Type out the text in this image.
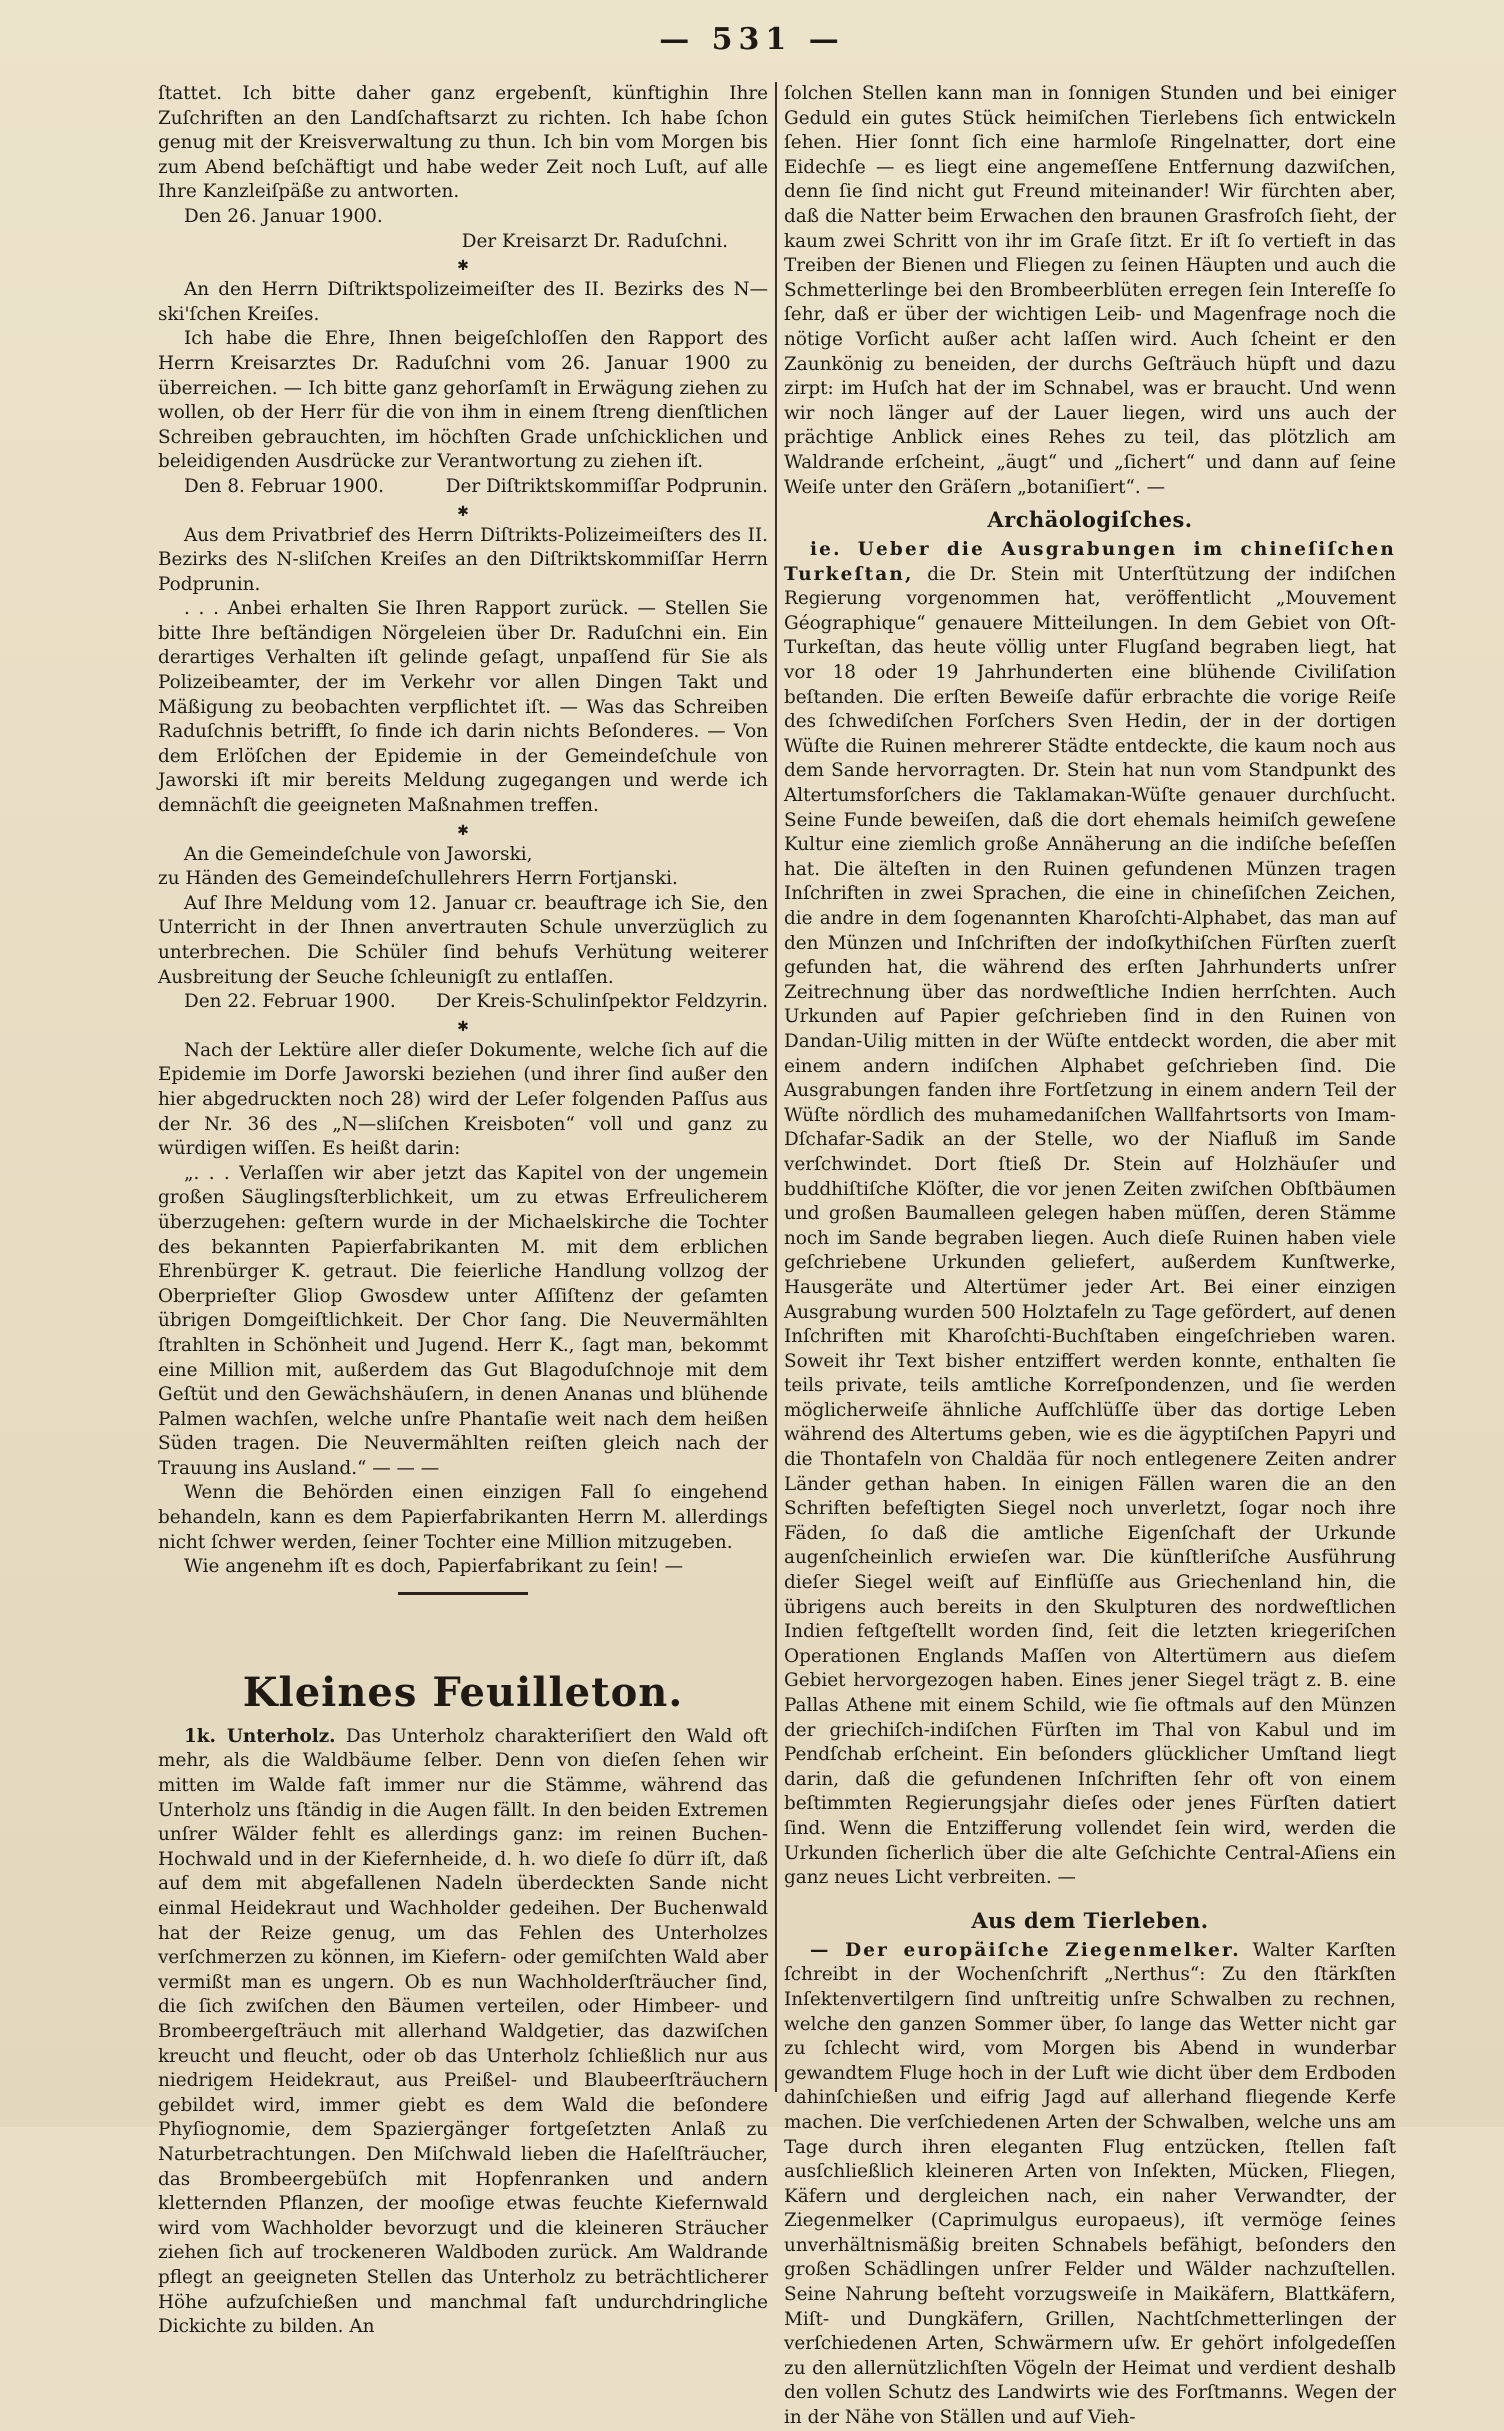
— 531 —

ſtattet. Ich bitte daher ganz ergebenſt, künftighin Ihre Zuſchriften an den Landſchaftsarzt zu richten. Ich habe ſchon genug mit der Kreisverwaltung zu thun. Ich bin vom Morgen bis zum Abend beſchäftigt und habe weder Zeit noch Luſt, auf alle Ihre Kanzleiſpäße zu antworten.

Den 26. Januar 1900.

Der Kreisarzt Dr. Raduſchni.

✱

An den Herrn Diſtriktspolizeimeiſter des II. Bezirks des N—ski'ſchen Kreiſes.

Ich habe die Ehre, Ihnen beigeſchloſſen den Rapport des Herrn Kreisarztes Dr. Raduſchni vom 26. Januar 1900 zu überreichen. — Ich bitte ganz gehorſamſt in Erwägung ziehen zu wollen, ob der Herr für die von ihm in einem ſtreng dienſtlichen Schreiben gebrauchten, im höchſten Grade unſchicklichen und beleidigenden Ausdrücke zur Verantwortung zu ziehen iſt.

Den 8. Februar 1900.	Der Diſtriktskommiſſar Podprunin.
✱

Aus dem Privatbrief des Herrn Diſtrikts-Polizeimeiſters des II. Bezirks des N-sliſchen Kreiſes an den Diſtriktskommiſſar Herrn Podprunin.

. . . Anbei erhalten Sie Ihren Rapport zurück. — Stellen Sie bitte Ihre beſtändigen Nörgeleien über Dr. Raduſchni ein. Ein derartiges Verhalten iſt gelinde geſagt, unpaſſend für Sie als Polizeibeamter, der im Verkehr vor allen Dingen Takt und Mäßigung zu beobachten verpflichtet iſt. — Was das Schreiben Raduſchnis betrifft, ſo finde ich darin nichts Beſonderes. — Von dem Erlöſchen der Epidemie in der Gemeindeſchule von Jaworski iſt mir bereits Meldung zugegangen und werde ich demnächſt die geeigneten Maßnahmen treffen.

✱

An die Gemeindeſchule von Jaworski,

zu Händen des Gemeindeſchullehrers Herrn Fortjanski.

Auf Ihre Meldung vom 12. Januar cr. beauftrage ich Sie, den Unterricht in der Ihnen anvertrauten Schule unverzüglich zu unterbrechen. Die Schüler ſind behufs Verhütung weiterer Ausbreitung der Seuche ſchleunigſt zu entlaſſen.

Den 22. Februar 1900.	Der Kreis-Schulinſpektor Feldzyrin.
✱

Nach der Lektüre aller dieſer Dokumente, welche ſich auf die Epidemie im Dorfe Jaworski beziehen (und ihrer ſind außer den hier abgedruckten noch 28) wird der Leſer folgenden Paſſus aus der Nr. 36 des „N—sliſchen Kreisboten“ voll und ganz zu würdigen wiſſen. Es heißt darin:

„. . . Verlaſſen wir aber jetzt das Kapitel von der ungemein großen Säuglingsſterblichkeit, um zu etwas Erfreulicherem überzugehen: geſtern wurde in der Michaelskirche die Tochter des bekannten Papierfabrikanten M. mit dem erblichen Ehrenbürger K. getraut. Die feierliche Handlung vollzog der Oberprieſter Gliop Gwosdew unter Aſſiſtenz der geſamten übrigen Domgeiſtlichkeit. Der Chor ſang. Die Neuvermählten ſtrahlten in Schönheit und Jugend. Herr K., ſagt man, bekommt eine Million mit, außerdem das Gut Blagoduſchnoje mit dem Geſtüt und den Gewächshäuſern, in denen Ananas und blühende Palmen wachſen, welche unſre Phantaſie weit nach dem heißen Süden tragen. Die Neuvermählten reiſten gleich nach der Trauung ins Ausland.“ — — —

Wenn die Behörden einen einzigen Fall ſo eingehend behandeln, kann es dem Papierfabrikanten Herrn M. allerdings nicht ſchwer werden, ſeiner Tochter eine Million mitzugeben.

Wie angenehm iſt es doch, Papierfabrikant zu ſein! —

Kleines Feuilleton.

1k. Unterholz. Das Unterholz charakteriſiert den Wald oft mehr, als die Waldbäume ſelber. Denn von dieſen ſehen wir mitten im Walde faſt immer nur die Stämme, während das Unterholz uns ſtändig in die Augen fällt. In den beiden Extremen unſrer Wälder fehlt es allerdings ganz: im reinen Buchen-Hochwald und in der Kiefernheide, d. h. wo dieſe ſo dürr iſt, daß auf dem mit abgefallenen Nadeln überdeckten Sande nicht einmal Heidekraut und Wachholder gedeihen. Der Buchenwald hat der Reize genug, um das Fehlen des Unterholzes verſchmerzen zu können, im Kiefern- oder gemiſchten Wald aber vermißt man es ungern. Ob es nun Wachholderſträucher ſind, die ſich zwiſchen den Bäumen verteilen, oder Himbeer- und Brombeergeſträuch mit allerhand Waldgetier, das dazwiſchen kreucht und fleucht, oder ob das Unterholz ſchließlich nur aus niedrigem Heidekraut, aus Preißel- und Blaubeerſträuchern gebildet wird, immer giebt es dem Wald die beſondere Phyſiognomie, dem Spaziergänger fortgeſetzten Anlaß zu Naturbetrachtungen. Den Miſchwald lieben die Haſelſträucher, das Brombeergebüſch mit Hopfenranken und andern kletternden Pflanzen, der mooſige etwas feuchte Kiefernwald wird vom Wachholder bevorzugt und die kleineren Sträucher ziehen ſich auf trockeneren Waldboden zurück. Am Waldrande pflegt an geeigneten Stellen das Unterholz zu beträchtlicherer Höhe aufzuſchießen und manchmal faſt undurchdringliche Dickichte zu bilden. An

ſolchen Stellen kann man in ſonnigen Stunden und bei einiger Geduld ein gutes Stück heimiſchen Tierlebens ſich entwickeln ſehen. Hier ſonnt ſich eine harmloſe Ringelnatter, dort eine Eidechſe — es liegt eine angemeſſene Entfernung dazwiſchen, denn ſie ſind nicht gut Freund miteinander! Wir fürchten aber, daß die Natter beim Erwachen den braunen Grasfroſch ſieht, der kaum zwei Schritt von ihr im Graſe ſitzt. Er iſt ſo vertieft in das Treiben der Bienen und Fliegen zu ſeinen Häupten und auch die Schmetterlinge bei den Brombeerblüten erregen ſein Intereſſe ſo ſehr, daß er über der wichtigen Leib- und Magenfrage noch die nötige Vorſicht außer acht laſſen wird. Auch ſcheint er den Zaunkönig zu beneiden, der durchs Geſträuch hüpft und dazu zirpt: im Huſch hat der im Schnabel, was er braucht. Und wenn wir noch länger auf der Lauer liegen, wird uns auch der prächtige Anblick eines Rehes zu teil, das plötzlich am Waldrande erſcheint, „äugt“ und „ſichert“ und dann auf ſeine Weiſe unter den Gräſern „botaniſiert“. —

Archäologiſches.

ie. Ueber die Ausgrabungen im chineſiſchen Turkeſtan, die Dr. Stein mit Unterſtützung der indiſchen Regierung vorgenommen hat, veröffentlicht „Mouvement Géographique“ genauere Mitteilungen. In dem Gebiet von Oſt-Turkeſtan, das heute völlig unter Flugſand begraben liegt, hat vor 18 oder 19 Jahrhunderten eine blühende Civiliſation beſtanden. Die erſten Beweiſe dafür erbrachte die vorige Reiſe des ſchwediſchen Forſchers Sven Hedin, der in der dortigen Wüſte die Ruinen mehrerer Städte entdeckte, die kaum noch aus dem Sande hervorragten. Dr. Stein hat nun vom Standpunkt des Altertumsforſchers die Taklamakan-Wüſte genauer durchſucht. Seine Funde beweiſen, daß die dort ehemals heimiſch geweſene Kultur eine ziemlich große Annäherung an die indiſche beſeſſen hat. Die älteſten in den Ruinen gefundenen Münzen tragen Inſchriften in zwei Sprachen, die eine in chineſiſchen Zeichen, die andre in dem ſogenannten Kharoſchti-Alphabet, das man auf den Münzen und Inſchriften der indoſkythiſchen Fürſten zuerſt gefunden hat, die während des erſten Jahrhunderts unſrer Zeitrechnung über das nordweſtliche Indien herrſchten. Auch Urkunden auf Papier geſchrieben ſind in den Ruinen von Dandan-Uilig mitten in der Wüſte entdeckt worden, die aber mit einem andern indiſchen Alphabet geſchrieben ſind. Die Ausgrabungen fanden ihre Fortſetzung in einem andern Teil der Wüſte nördlich des muhamedaniſchen Wallfahrtsorts von Imam-Dſchafar-Sadik an der Stelle, wo der Niafluß im Sande verſchwindet. Dort ſtieß Dr. Stein auf Holzhäuſer und buddhiſtiſche Klöſter, die vor jenen Zeiten zwiſchen Obſtbäumen und großen Baumalleen gelegen haben müſſen, deren Stämme noch im Sande begraben liegen. Auch dieſe Ruinen haben viele geſchriebene Urkunden geliefert, außerdem Kunſtwerke, Hausgeräte und Altertümer jeder Art. Bei einer einzigen Ausgrabung wurden 500 Holztafeln zu Tage gefördert, auf denen Inſchriften mit Kharoſchti-Buchſtaben eingeſchrieben waren. Soweit ihr Text bisher entziffert werden konnte, enthalten ſie teils private, teils amtliche Korreſpondenzen, und ſie werden möglicherweiſe ähnliche Aufſchlüſſe über das dortige Leben während des Altertums geben, wie es die ägyptiſchen Papyri und die Thontafeln von Chaldäa für noch entlegenere Zeiten andrer Länder gethan haben. In einigen Fällen waren die an den Schriften befeſtigten Siegel noch unverletzt, ſogar noch ihre Fäden, ſo daß die amtliche Eigenſchaft der Urkunde augenſcheinlich erwieſen war. Die künſtleriſche Ausführung dieſer Siegel weiſt auf Einflüſſe aus Griechenland hin, die übrigens auch bereits in den Skulpturen des nordweſtlichen Indien feſtgeſtellt worden ſind, ſeit die letzten kriegeriſchen Operationen Englands Maſſen von Altertümern aus dieſem Gebiet hervorgezogen haben. Eines jener Siegel trägt z. B. eine Pallas Athene mit einem Schild, wie ſie oftmals auf den Münzen der griechiſch-indiſchen Fürſten im Thal von Kabul und im Pendſchab erſcheint. Ein beſonders glücklicher Umſtand liegt darin, daß die gefundenen Inſchriften ſehr oft von einem beſtimmten Regierungsjahr dieſes oder jenes Fürſten datiert ſind. Wenn die Entzifferung vollendet ſein wird, werden die Urkunden ſicherlich über die alte Geſchichte Central-Aſiens ein ganz neues Licht verbreiten. —

Aus dem Tierleben.

— Der europäiſche Ziegenmelker. Walter Karſten ſchreibt in der Wochenſchrift „Nerthus“: Zu den ſtärkſten Inſektenvertilgern ſind unſtreitig unſre Schwalben zu rechnen, welche den ganzen Sommer über, ſo lange das Wetter nicht gar zu ſchlecht wird, vom Morgen bis Abend in wunderbar gewandtem Fluge hoch in der Luft wie dicht über dem Erdboden dahinſchießen und eifrig Jagd auf allerhand fliegende Kerfe machen. Die verſchiedenen Arten der Schwalben, welche uns am Tage durch ihren eleganten Flug entzücken, ſtellen faſt ausſchließlich kleineren Arten von Inſekten, Mücken, Fliegen, Käfern und dergleichen nach, ein naher Verwandter, der Ziegenmelker (Caprimulgus europaeus), iſt vermöge ſeines unverhältnismäßig breiten Schnabels befähigt, beſonders den großen Schädlingen unſrer Felder und Wälder nachzuſtellen. Seine Nahrung beſteht vorzugsweiſe in Maikäfern, Blattkäfern, Miſt- und Dungkäfern, Grillen, Nachtſchmetterlingen der verſchiedenen Arten, Schwärmern uſw. Er gehört infolgedeſſen zu den allernützlichſten Vögeln der Heimat und verdient deshalb den vollen Schutz des Landwirts wie des Forſtmanns. Wegen der in der Nähe von Ställen und auf Vieh-
